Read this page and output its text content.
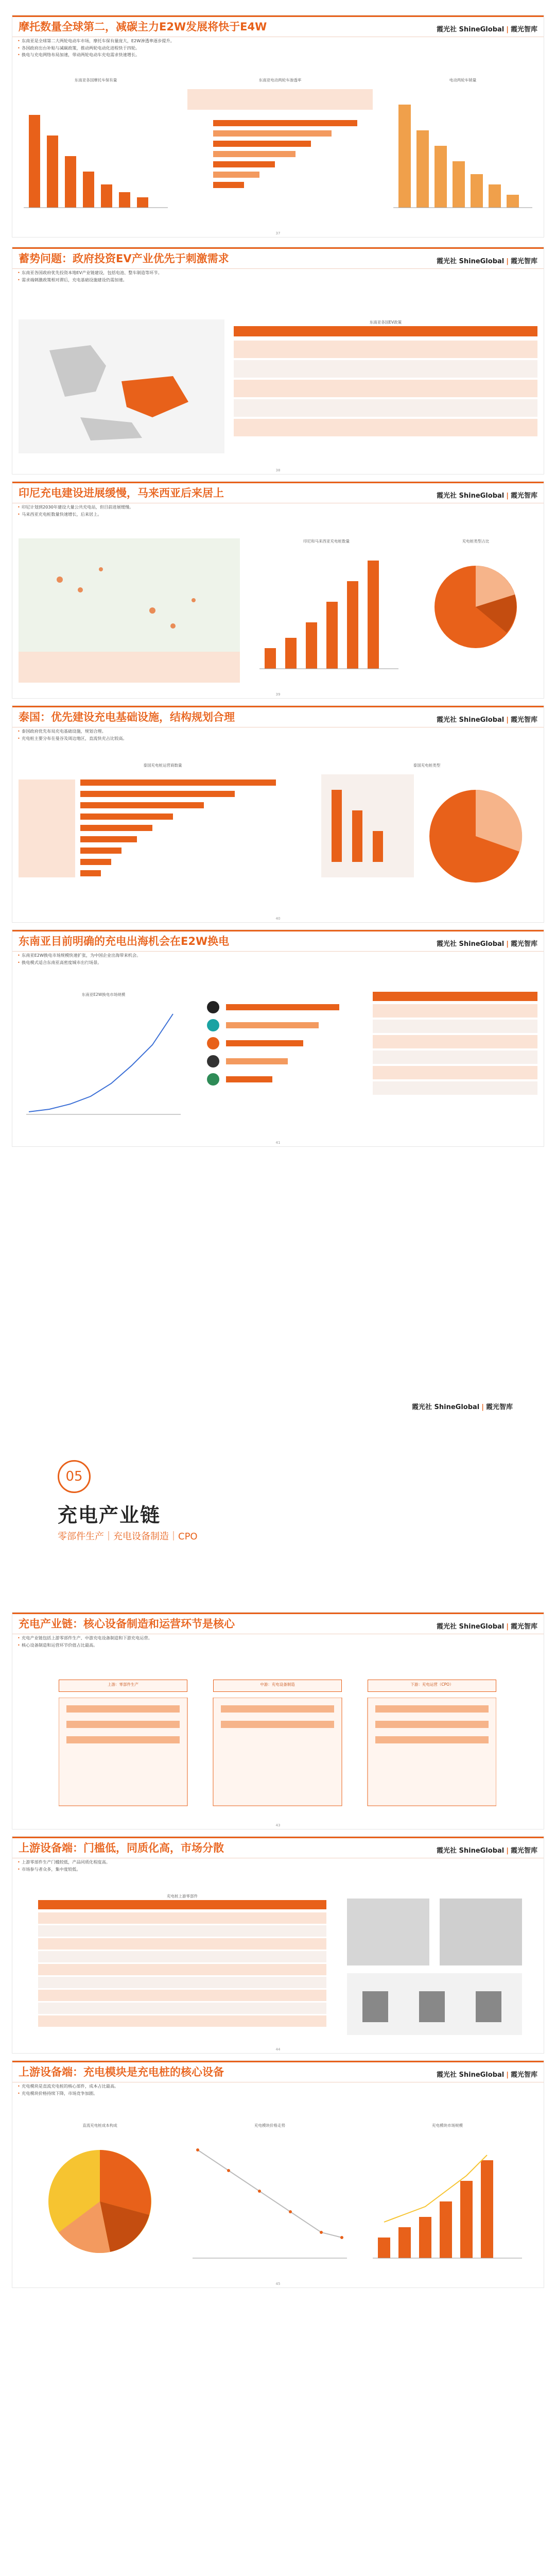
摩托数量全球第二，减碳主力E2W发展将快于E4W	霞光社 ShineGlobal | 霞光智库
• 东南亚是全球第二大两轮电动车市场，摩托车保有量庞大，E2W渗透率逐步提升。
• 各国政府出台补贴与减碳政策，推动两轮电动化进程快于四轮。
• 换电与充电网络布局加速，带动两轮电动车充电需求快速增长。
东南亚各国摩托车保有量	东南亚电动两轮车渗透率	电动两轮车销量
37
蓄势问题：政府投资EV产业优先于刺激需求	霞光社 ShineGlobal | 霞光智库
• 东南亚各国政府优先投资本地EV产业链建设，包括电池、整车制造等环节。
• 需求端刺激政策相对滞后，充电基础设施建设仍需加速。
东南亚各国EV政策
38
印尼充电建设进展缓慢，马来西亚后来居上	霞光社 ShineGlobal | 霞光智库
• 印尼计划到2030年建设大量公共充电站，但目前进展缓慢。
• 马来西亚充电桩数量快速增长，后来居上。
印尼和马来西亚充电桩数量	充电桩类型占比
39
泰国：优先建设充电基础设施，结构规划合理	霞光社 ShineGlobal | 霞光智库
• 泰国政府优先布局充电基础设施，规划合理。
• 充电桩主要分布在曼谷及周边地区，直流快充占比较高。
泰国充电桩运营商数量	泰国充电桩类型
40
东南亚目前明确的充电出海机会在E2W换电	霞光社 ShineGlobal | 霞光智库
• 东南亚E2W换电市场规模快速扩张，为中国企业出海带来机会。
• 换电模式适合东南亚高密度城市出行场景。
东南亚E2W换电市场规模
41
霞光社 ShineGlobal | 霞光智库
05
充电产业链
零部件生产｜充电设备制造｜CPO
充电产业链：核心设备制造和运营环节是核心	霞光社 ShineGlobal | 霞光智库
• 充电产业链包括上游零部件生产、中游充电设备制造和下游充电运营。
• 核心设备制造和运营环节价值占比最高。
上游：零部件生产	中游：充电设备制造	下游：充电运营（CPO）
43
上游设备端：门槛低，同质化高，市场分散	霞光社 ShineGlobal | 霞光智库
• 上游零部件生产门槛较低，产品同质化程度高。
• 市场参与者众多，集中度较低。
充电桩上游零部件
44
上游设备端：充电模块是充电桩的核心设备	霞光社 ShineGlobal | 霞光智库
• 充电模块是直流充电桩的核心部件，成本占比最高。
• 充电模块价格持续下降，市场竞争加剧。
直流充电桩成本构成	充电模块价格走势	充电模块市场规模
45
